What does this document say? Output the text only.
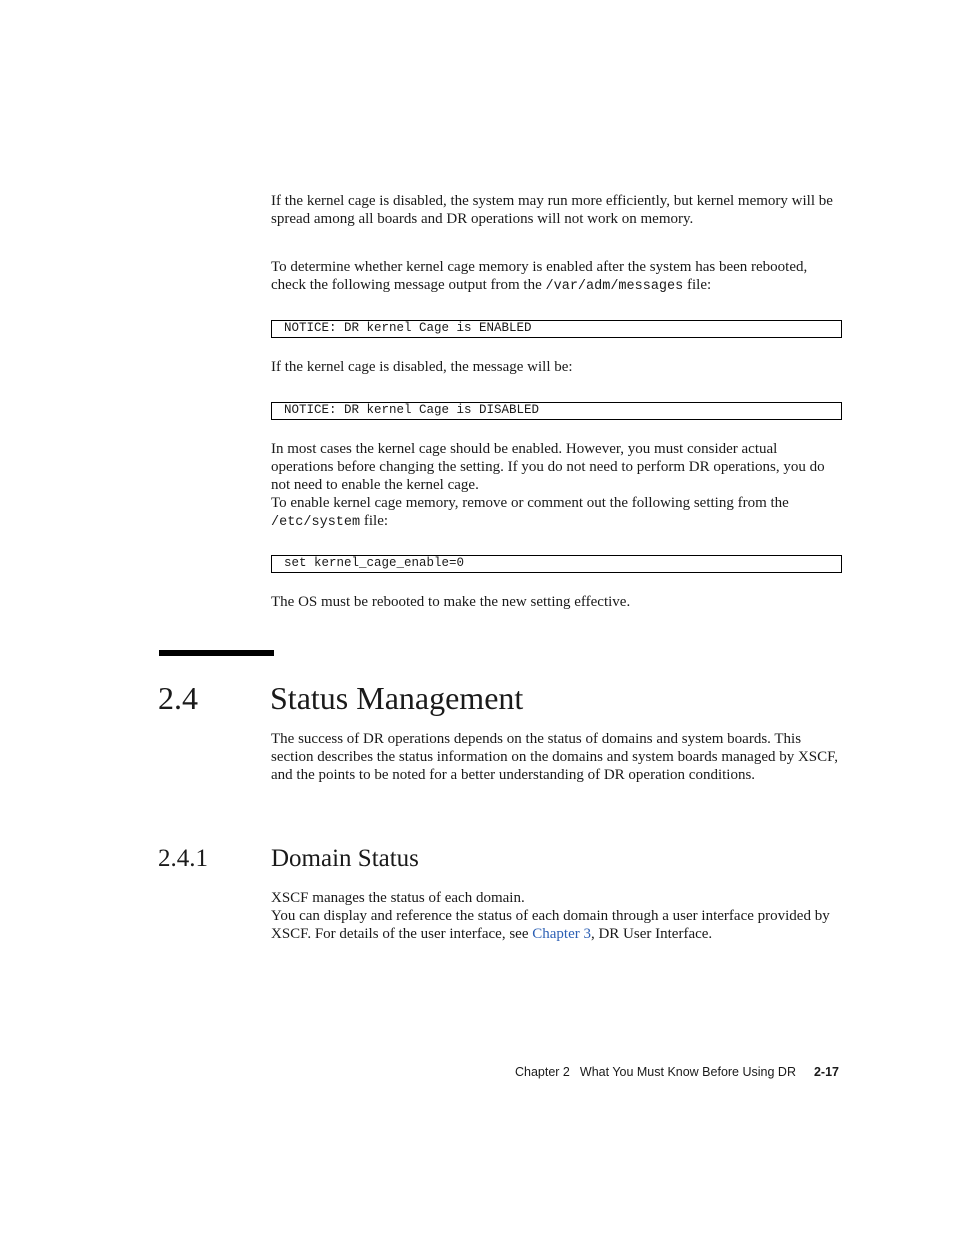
If the kernel cage is disabled, the system may run more efficiently, but kernel memory will be spread among all boards and DR operations will not work on memory.

To determine whether kernel cage memory is enabled after the system has been rebooted, check the following message output from the /var/adm/messages file:

NOTICE: DR kernel Cage is ENABLED

If the kernel cage is disabled, the message will be:

NOTICE: DR kernel Cage is DISABLED

In most cases the kernel cage should be enabled. However, you must consider actual operations before changing the setting. If you do not need to perform DR operations, you do not need to enable the kernel cage.
To enable kernel cage memory, remove or comment out the following setting from the /etc/system file:

set kernel_cage_enable=0

The OS must be rebooted to make the new setting effective.

2.4 Status Management

The success of DR operations depends on the status of domains and system boards. This section describes the status information on the domains and system boards managed by XSCF, and the points to be noted for a better understanding of DR operation conditions.

2.4.1	Domain Status

XSCF manages the status of each domain.
You can display and reference the status of each domain through a user interface provided by XSCF. For details of the user interface, see Chapter 3, DR User Interface.

Chapter 2 What You Must Know Before Using DR 2-17
